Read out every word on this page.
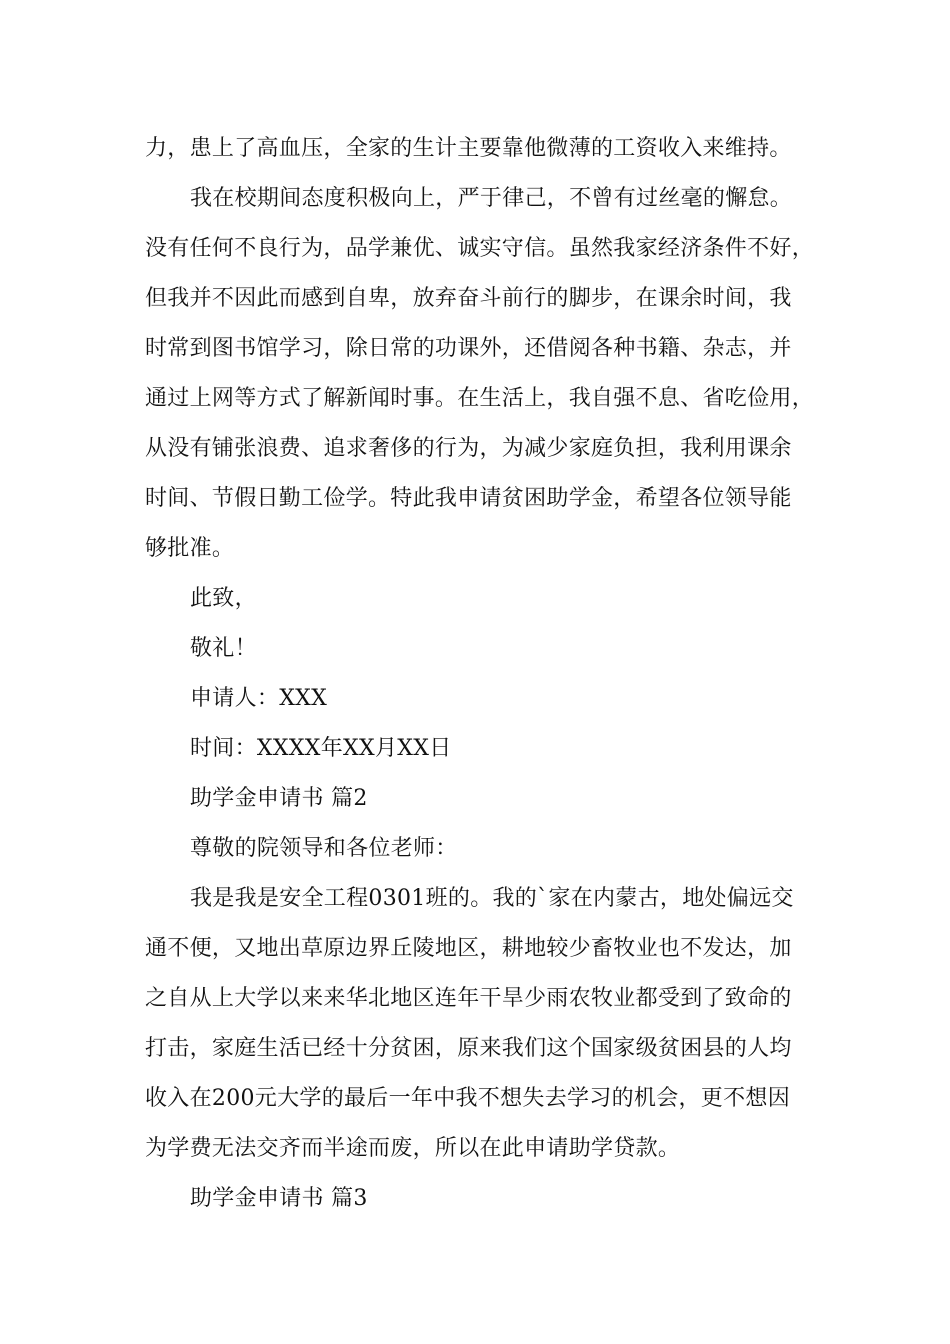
力，患上了高血压，全家的生计主要靠他微薄的工资收入来维持。

我在校期间态度积极向上，严于律己，不曾有过丝毫的懈怠。

没有任何不良行为，品学兼优、诚实守信。虽然我家经济条件不好，

但我并不因此而感到自卑，放弃奋斗前行的脚步，在课余时间，我

时常到图书馆学习，除日常的功课外，还借阅各种书籍、杂志，并

通过上网等方式了解新闻时事。在生活上，我自强不息、省吃俭用，

从没有铺张浪费、追求奢侈的行为，为减少家庭负担，我利用课余

时间、节假日勤工俭学。特此我申请贫困助学金，希望各位领导能

够批准。

此致，

敬礼！

申请人：XXX

时间：XXXX年XX月XX日

助学金申请书 篇2

尊敬的院领导和各位老师：

我是我是安全工程0301班的。我的`家在内蒙古，地处偏远交

通不便，又地出草原边界丘陵地区，耕地较少畜牧业也不发达，加

之自从上大学以来来华北地区连年干旱少雨农牧业都受到了致命的

打击，家庭生活已经十分贫困，原来我们这个国家级贫困县的人均

收入在200元大学的最后一年中我不想失去学习的机会，更不想因

为学费无法交齐而半途而废，所以在此申请助学贷款。

助学金申请书 篇3
